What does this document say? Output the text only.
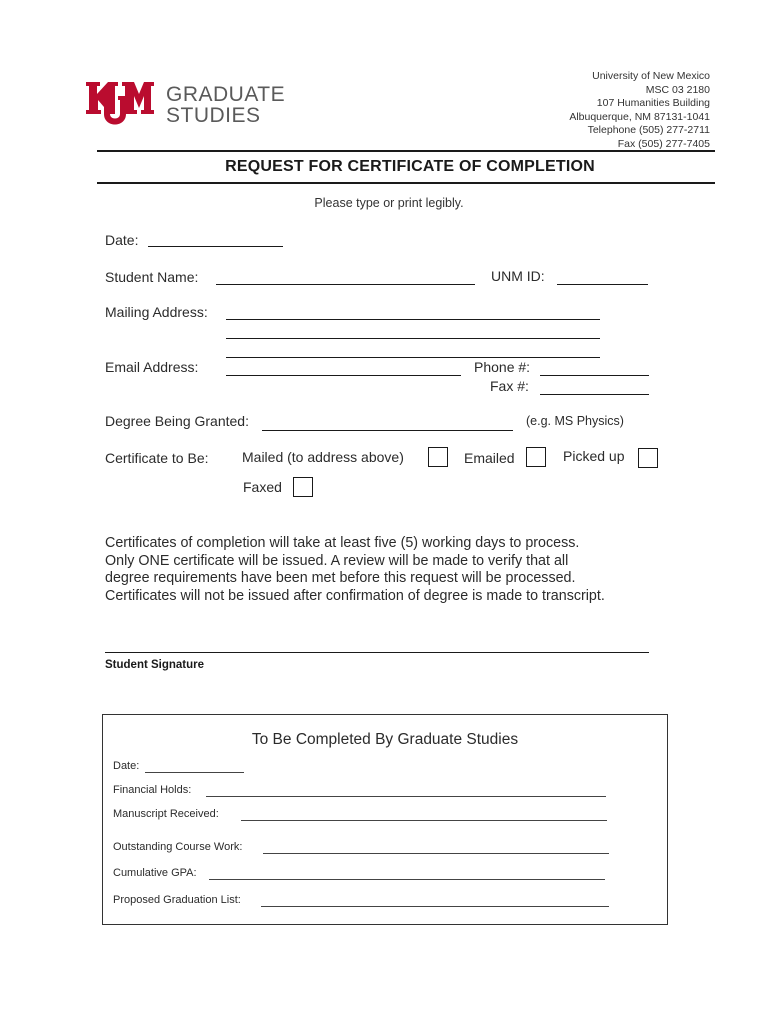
GRADUATE
STUDIES
University of New Mexico
MSC 03 2180
107 Humanities Building
Albuquerque, NM 87131-1041
Telephone (505) 277-2711
Fax (505) 277-7405
REQUEST FOR CERTIFICATE OF COMPLETION
Please type or print legibly.
Date:
Student Name:	UNM ID:
Mailing Address:
Email Address:	Phone #:
Fax #:
Degree Being Granted:	(e.g. MS Physics)
Certificate to Be: Mailed (to address above)	Emailed	Picked up
Faxed
Certificates of completion will take at least five (5) working days to process.
Only ONE certificate will be issued. A review will be made to verify that all
degree requirements have been met before this request will be processed.
Certificates will not be issued after confirmation of degree is made to transcript.
Student Signature
To Be Completed By Graduate Studies
Date:
Financial Holds:
Manuscript Received:
Outstanding Course Work:
Cumulative GPA:
Proposed Graduation List:
